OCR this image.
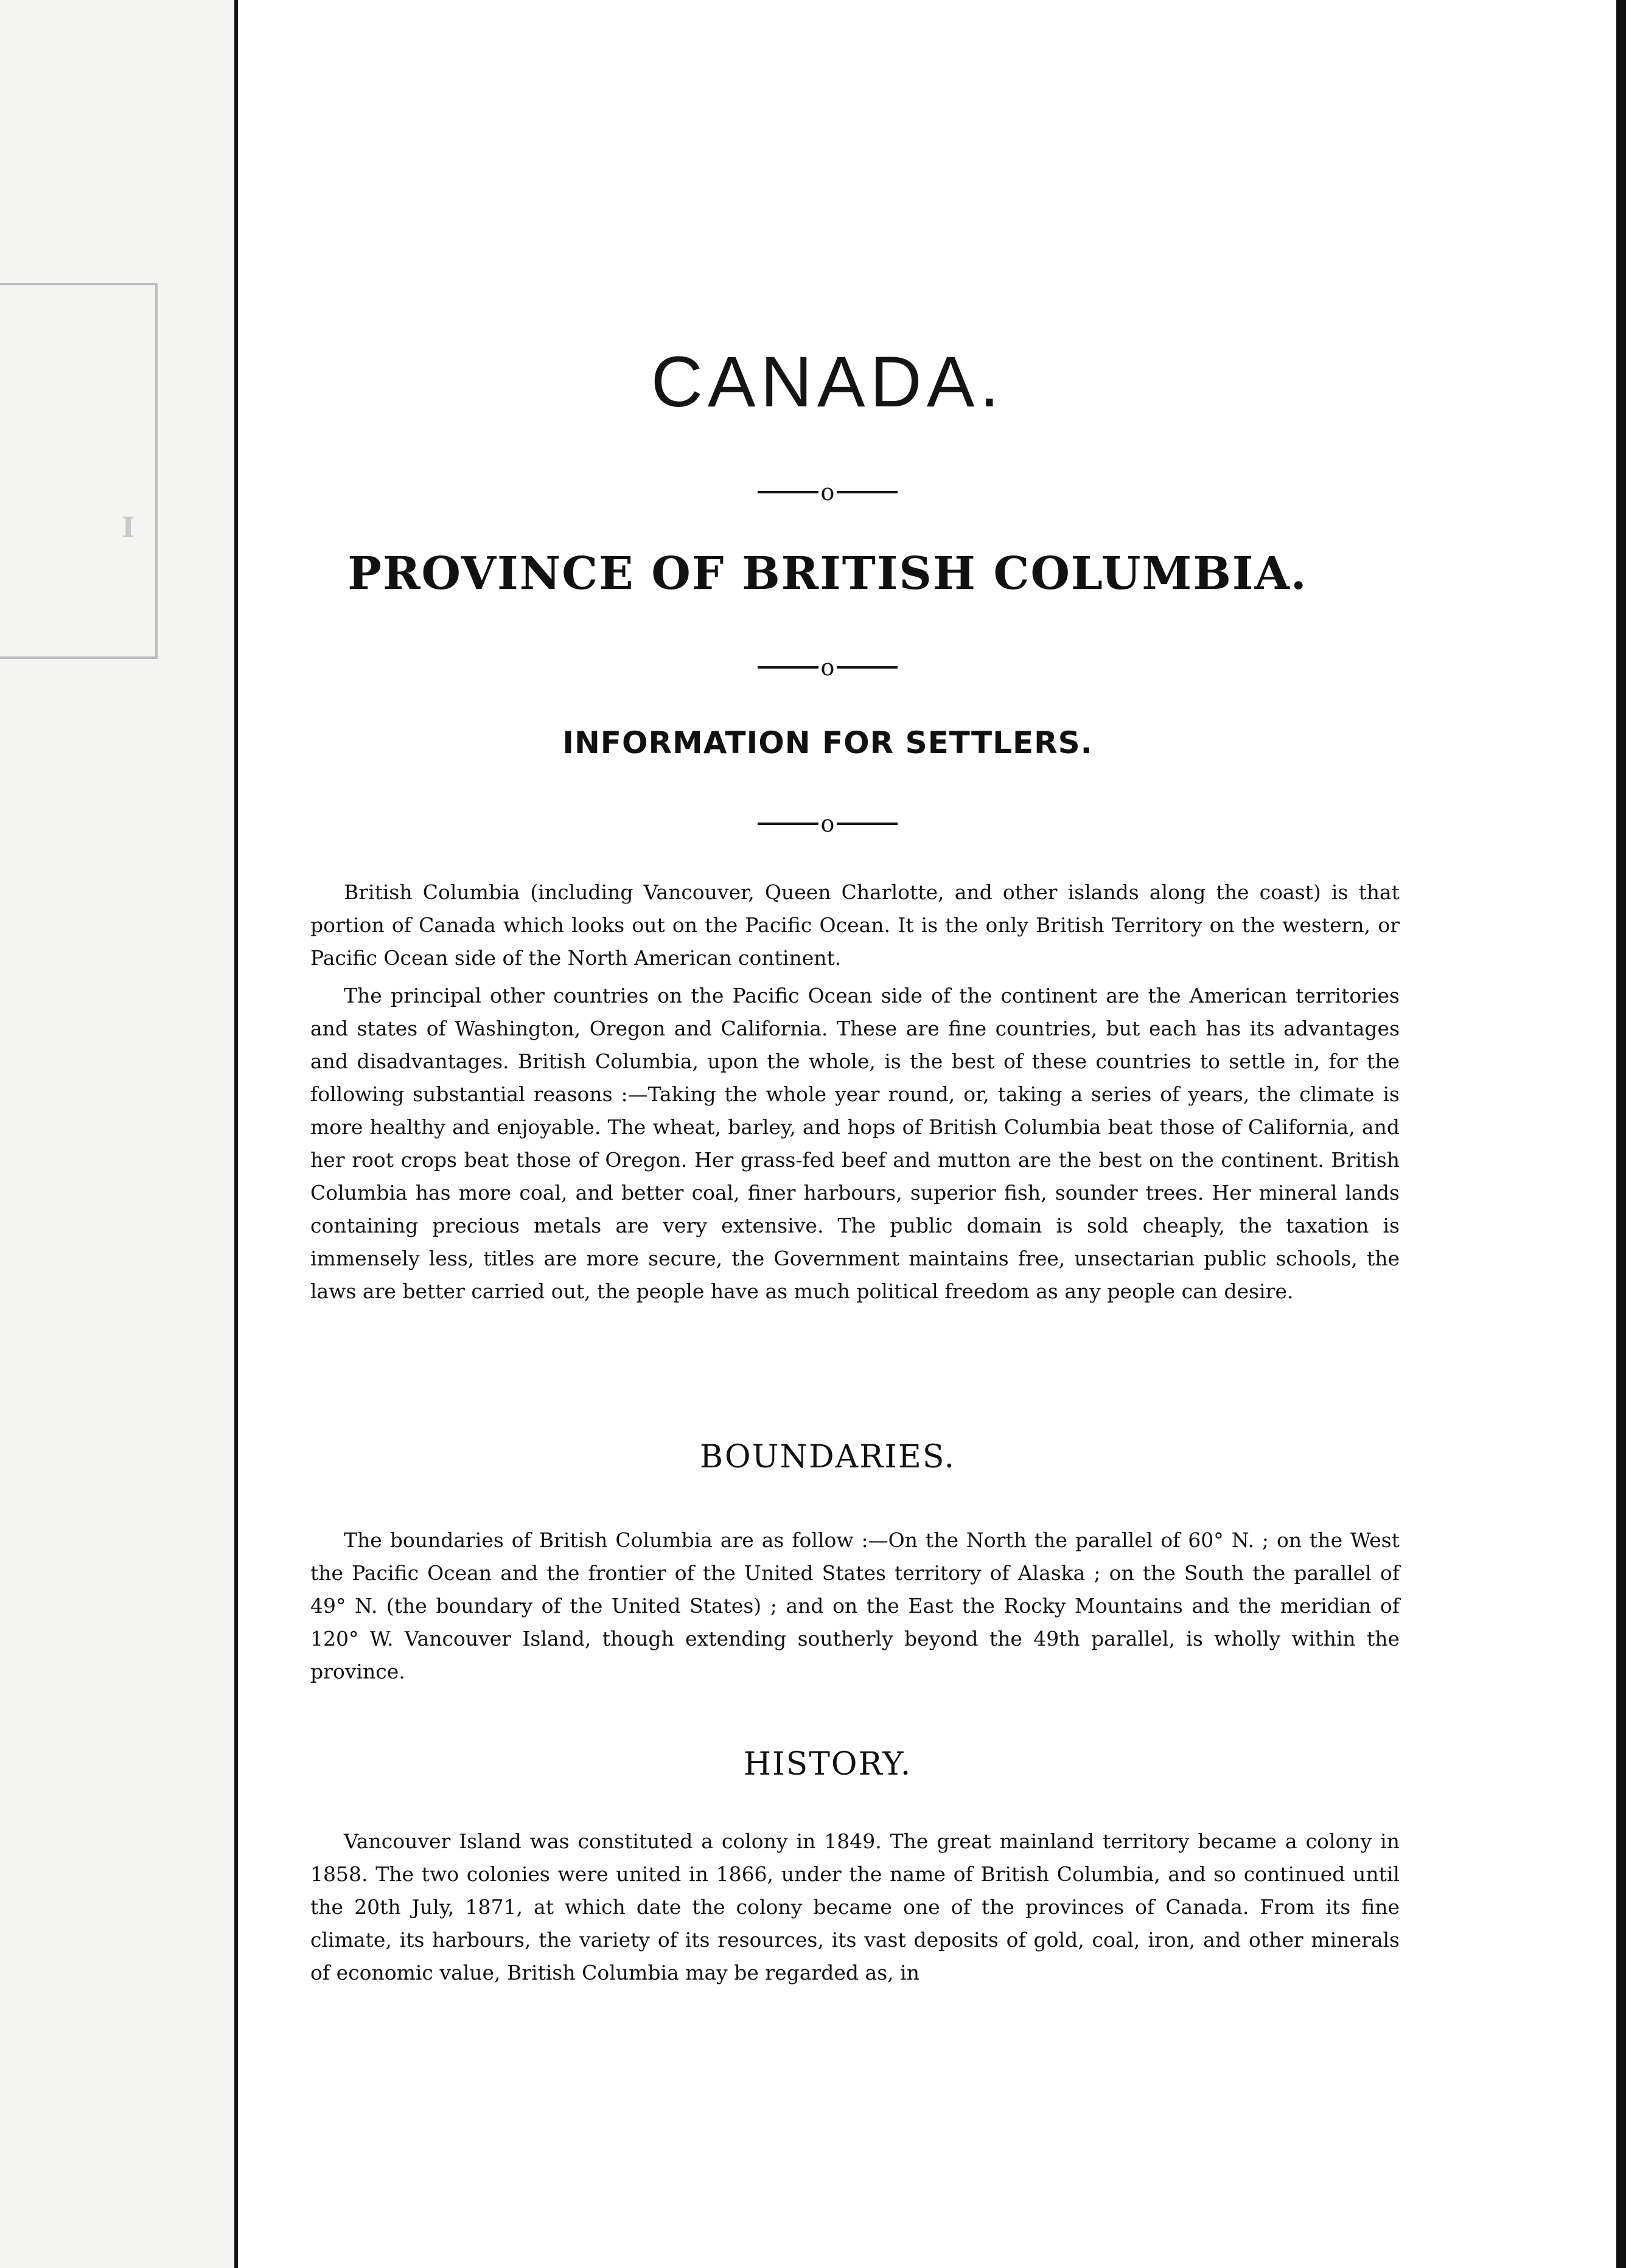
I
CANADA.
o
PROVINCE OF BRITISH COLUMBIA.
o
INFORMATION FOR SETTLERS.
o

British Columbia (including Vancouver, Queen Charlotte, and other islands along the coast) is that portion of Canada which looks out on the Pacific Ocean. It is the only British Territory on the western, or Pacific Ocean side of the North American continent.

The principal other countries on the Pacific Ocean side of the continent are the American territories and states of Washington, Oregon and California. These are fine countries, but each has its advantages and disadvantages. British Columbia, upon the whole, is the best of these countries to settle in, for the following substantial reasons :—Taking the whole year round, or, taking a series of years, the climate is more healthy and enjoyable. The wheat, barley, and hops of British Columbia beat those of California, and her root crops beat those of Oregon. Her grass-fed beef and mutton are the best on the continent. British Columbia has more coal, and better coal, finer harbours, superior fish, sounder trees. Her mineral lands containing precious metals are very extensive. The public domain is sold cheaply, the taxation is immensely less, titles are more secure, the Government maintains free, unsectarian public schools, the laws are better carried out, the people have as much political freedom as any people can desire.

BOUNDARIES.

The boundaries of British Columbia are as follow :—On the North the parallel of 60° N. ; on the West the Pacific Ocean and the frontier of the United States territory of Alaska ; on the South the parallel of 49° N. (the boundary of the United States) ; and on the East the Rocky Mountains and the meridian of 120° W. Vancouver Island, though extending southerly beyond the 49th parallel, is wholly within the province.

HISTORY.

Vancouver Island was constituted a colony in 1849. The great mainland territory became a colony in 1858. The two colonies were united in 1866, under the name of British Columbia, and so continued until the 20th July, 1871, at which date the colony became one of the provinces of Canada. From its fine climate, its harbours, the variety of its resources, its vast deposits of gold, coal, iron, and other minerals of economic value, British Columbia may be regarded as, in
